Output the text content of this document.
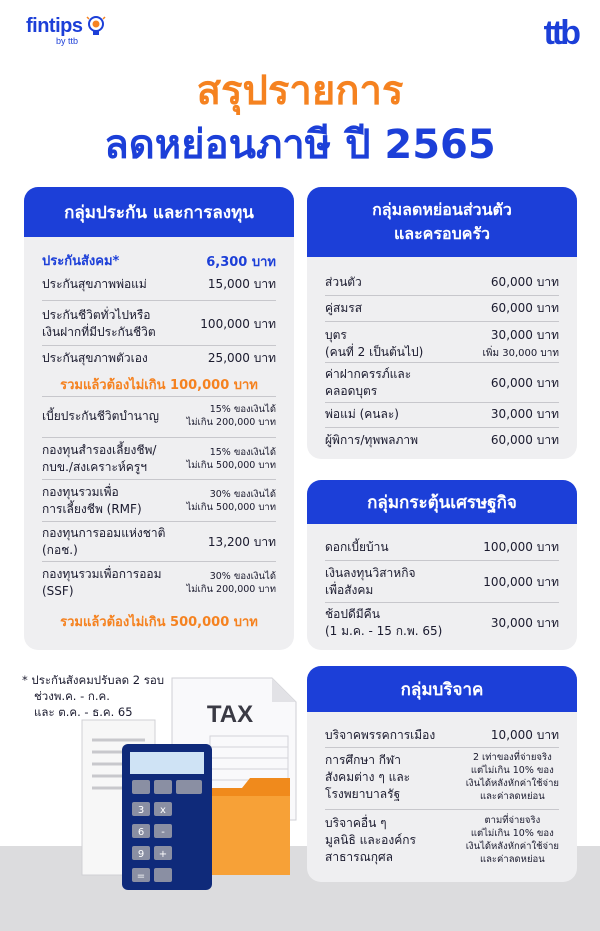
fintips
by ttb	ttb
สรุปรายการ
ลดหย่อนภาษี ปี 2565
กลุ่มประกัน และการลงทุน
ประกันสังคม*	6,300 บาท
ประกันสุขภาพพ่อแม่	15,000 บาท
ประกันชีวิตทั่วไปหรือ
เงินฝากที่มีประกันชีวิต
100,000 บาท
ประกันสุขภาพตัวเอง	25,000 บาท
รวมแล้วต้องไม่เกิน 100,000 บาท
เบี้ยประกันชีวิตบำนาญ	15% ของเงินได้
ไม่เกิน 200,000 บาท
กองทุนสำรองเลี้ยงชีพ/
กบข./สงเคราะห์ครูฯ
15% ของเงินได้
ไม่เกิน 500,000 บาท
กองทุนรวมเพื่อ
การเลี้ยงชีพ (RMF)
30% ของเงินได้
ไม่เกิน 500,000 บาท
กองทุนการออมแห่งชาติ
(กอช.)
13,200 บาท
กองทุนรวมเพื่อการออม
(SSF)
30% ของเงินได้
ไม่เกิน 200,000 บาท
รวมแล้วต้องไม่เกิน 500,000 บาท
กลุ่มลดหย่อนส่วนตัว
และครอบครัว
ส่วนตัว	60,000 บาท
คู่สมรส	60,000 บาท
บุตร
(คนที่ 2 เป็นต้นไป)
30,000 บาท
เพิ่ม 30,000 บาท
ค่าฝากครรภ์และ
คลอดบุตร
60,000 บาท
พ่อแม่ (คนละ)	30,000 บาท
ผู้พิการ/ทุพพลภาพ	60,000 บาท
กลุ่มกระตุ้นเศรษฐกิจ
ดอกเบี้ยบ้าน	100,000 บาท
เงินลงทุนวิสาหกิจ
เพื่อสังคม
100,000 บาท
ช้อปดีมีคืน
(1 ม.ค. - 15 ก.พ. 65)
30,000 บาท
กลุ่มบริจาค
บริจาคพรรคการเมือง	10,000 บาท
การศึกษา กีฬา
สังคมต่าง ๆ และ
โรงพยาบาลรัฐ
2 เท่าของที่จ่ายจริง
แต่ไม่เกิน 10% ของ
เงินได้หลังหักค่าใช้จ่าย
และค่าลดหย่อน
บริจาคอื่น ๆ
มูลนิธิ และองค์กร
สาธารณกุศล
ตามที่จ่ายจริง
แต่ไม่เกิน 10% ของ
เงินได้หลังหักค่าใช้จ่าย
และค่าลดหย่อน
* ประกันสังคมปรับลด 2 รอบ
ช่วงพ.ค. - ก.ค.
และ ต.ค. - ธ.ค. 65	TAX
3 x
6 -
9 +
=
